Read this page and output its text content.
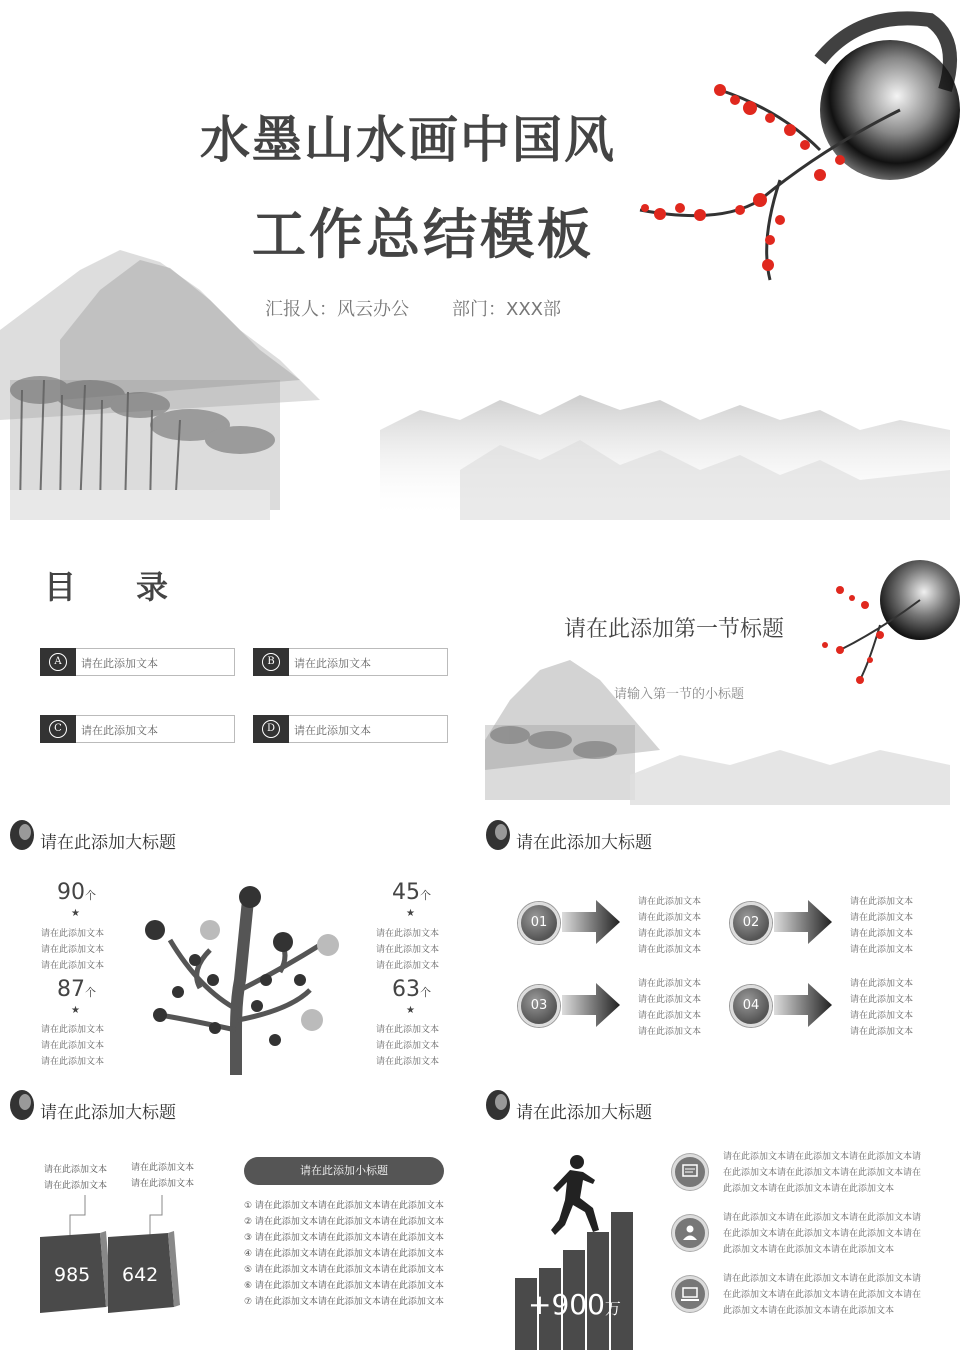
水墨山水画中国风
工作总结模板
汇报人：风云办公 部门：XXX部
目录
A	请在此添加文本	B	请在此添加文本
C	请在此添加文本	D	请在此添加文本
请在此添加第一节标题
请输入第一节的小标题
请在此添加大标题
90个
★
请在此添加文本
请在此添加文本
请在此添加文本
87个
★
请在此添加文本
请在此添加文本
请在此添加文本
45个
★
请在此添加文本
请在此添加文本
请在此添加文本
63个
★
请在此添加文本
请在此添加文本
请在此添加文本
请在此添加大标题
01
请在此添加文本
请在此添加文本
请在此添加文本
请在此添加文本
02
请在此添加文本
请在此添加文本
请在此添加文本
请在此添加文本
03
请在此添加文本
请在此添加文本
请在此添加文本
请在此添加文本
04
请在此添加文本
请在此添加文本
请在此添加文本
请在此添加文本
请在此添加大标题
请在此添加文本
请在此添加文本
请在此添加文本
请在此添加文本
985 642
请在此添加小标题
① 请在此添加文本请在此添加文本请在此添加文本
② 请在此添加文本请在此添加文本请在此添加文本
③ 请在此添加文本请在此添加文本请在此添加文本
④ 请在此添加文本请在此添加文本请在此添加文本
⑤ 请在此添加文本请在此添加文本请在此添加文本
⑥ 请在此添加文本请在此添加文本请在此添加文本
⑦ 请在此添加文本请在此添加文本请在此添加文本
请在此添加大标题
+900万
请在此添加文本请在此添加文本请在此添加文本请
在此添加文本请在此添加文本请在此添加文本请在
此添加文本请在此添加文本请在此添加文本
请在此添加文本请在此添加文本请在此添加文本请
在此添加文本请在此添加文本请在此添加文本请在
此添加文本请在此添加文本请在此添加文本
请在此添加文本请在此添加文本请在此添加文本请
在此添加文本请在此添加文本请在此添加文本请在
此添加文本请在此添加文本请在此添加文本
